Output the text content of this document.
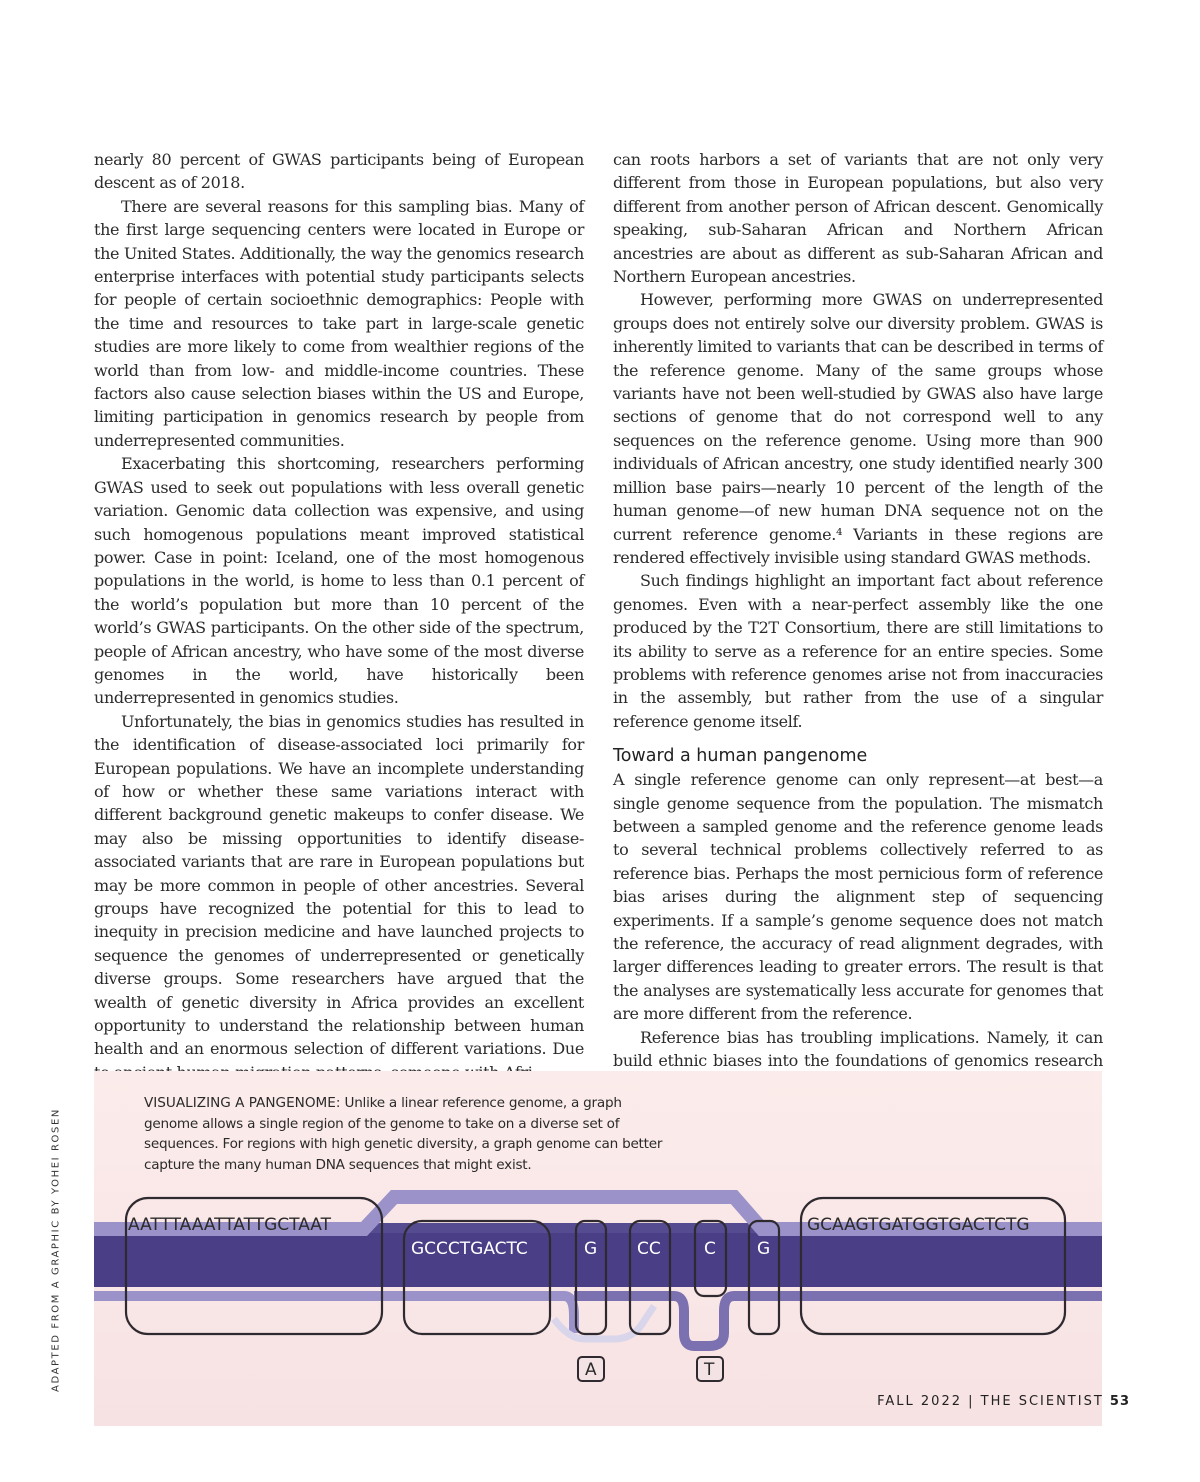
nearly 80 percent of GWAS participants being of European descent as of 2018.

There are several reasons for this sampling bias. Many of the first large sequencing centers were located in Europe or the United States. Additionally, the way the genomics research enterprise interfaces with potential study participants selects for people of certain socioethnic demographics: People with the time and resources to take part in large-scale genetic studies are more likely to come from wealthier regions of the world than from low- and middle-income countries. These factors also cause selection biases within the US and Europe, limiting participation in genomics research by people from underrepresented communities.

Exacerbating this shortcoming, researchers performing GWAS used to seek out populations with less overall genetic variation. Genomic data collection was expensive, and using such homogenous populations meant improved statistical power. Case in point: Iceland, one of the most homogenous populations in the world, is home to less than 0.1 percent of the world’s population but more than 10 percent of the world’s GWAS participants. On the other side of the spectrum, people of African ancestry, who have some of the most diverse genomes in the world, have historically been underrepresented in genomics studies.

Unfortunately, the bias in genomics studies has resulted in the identification of disease-associated loci primarily for European populations. We have an incomplete understanding of how or whether these same variations interact with different background genetic makeups to confer disease. We may also be missing opportunities to identify disease-associated variants that are rare in European populations but may be more common in people of other ancestries. Several groups have recognized the potential for this to lead to inequity in precision medicine and have launched projects to sequence the genomes of underrepresented or genetically diverse groups. Some researchers have argued that the wealth of genetic diversity in Africa provides an excellent opportunity to understand the relationship between human health and an enormous selection of different variations. Due

can roots harbors a set of variants that are not only very different from those in European populations, but also very different from another person of African descent. Genomically speaking, sub-Saharan African and Northern African ancestries are about as different as sub-Saharan African and Northern European ancestries.

However, performing more GWAS on underrepresented groups does not entirely solve our diversity problem. GWAS is inherently limited to variants that can be described in terms of the reference genome. Many of the same groups whose variants have not been well-studied by GWAS also have large sections of genome that do not correspond well to any sequences on the reference genome. Using more than 900 individuals of African ancestry, one study identified nearly 300 million base pairs—nearly 10 percent of the length of the human genome—of new human DNA sequence not on the current reference genome.⁴ Variants in these regions are rendered effectively invisible using standard GWAS methods.

Such findings highlight an important fact about reference genomes. Even with a near-perfect assembly like the one produced by the T2T Consortium, there are still limitations to its ability to serve as a reference for an entire species. Some problems with reference genomes arise not from inaccuracies in the assembly, but rather from the use of a singular reference genome itself.

Toward a human pangenome

A single reference genome can only represent—at best—a single genome sequence from the population. The mismatch between a sampled genome and the reference genome leads to several technical problems collectively referred to as reference bias. Perhaps the most pernicious form of reference bias arises during the alignment step of sequencing experiments. If a sample’s genome sequence does not match the reference, the accuracy of read alignment degrades, with larger differences leading to greater errors. The result is that the analyses are systematically less accurate for genomes that are more different from the reference.

Reference bias has troubling implications. Namely, it can build ethnic biases into the foundations of genomics research

ADAPTED FROM A GRAPHIC BY YOHEI ROSEN	AATTTAAATTATTGCTAAT
GCCCTGACTC	G CC	C G
GCAAGTGATGGTGACTCTG
A	T
VISUALIZING A PANGENOME: Unlike a linear reference genome, a graph genome allows a single region of the genome to take on a diverse set of sequences. For regions with high genetic diversity, a graph genome can better capture the many human DNA sequences that might exist.
FALL 2022 | THE SCIENTIST 53
